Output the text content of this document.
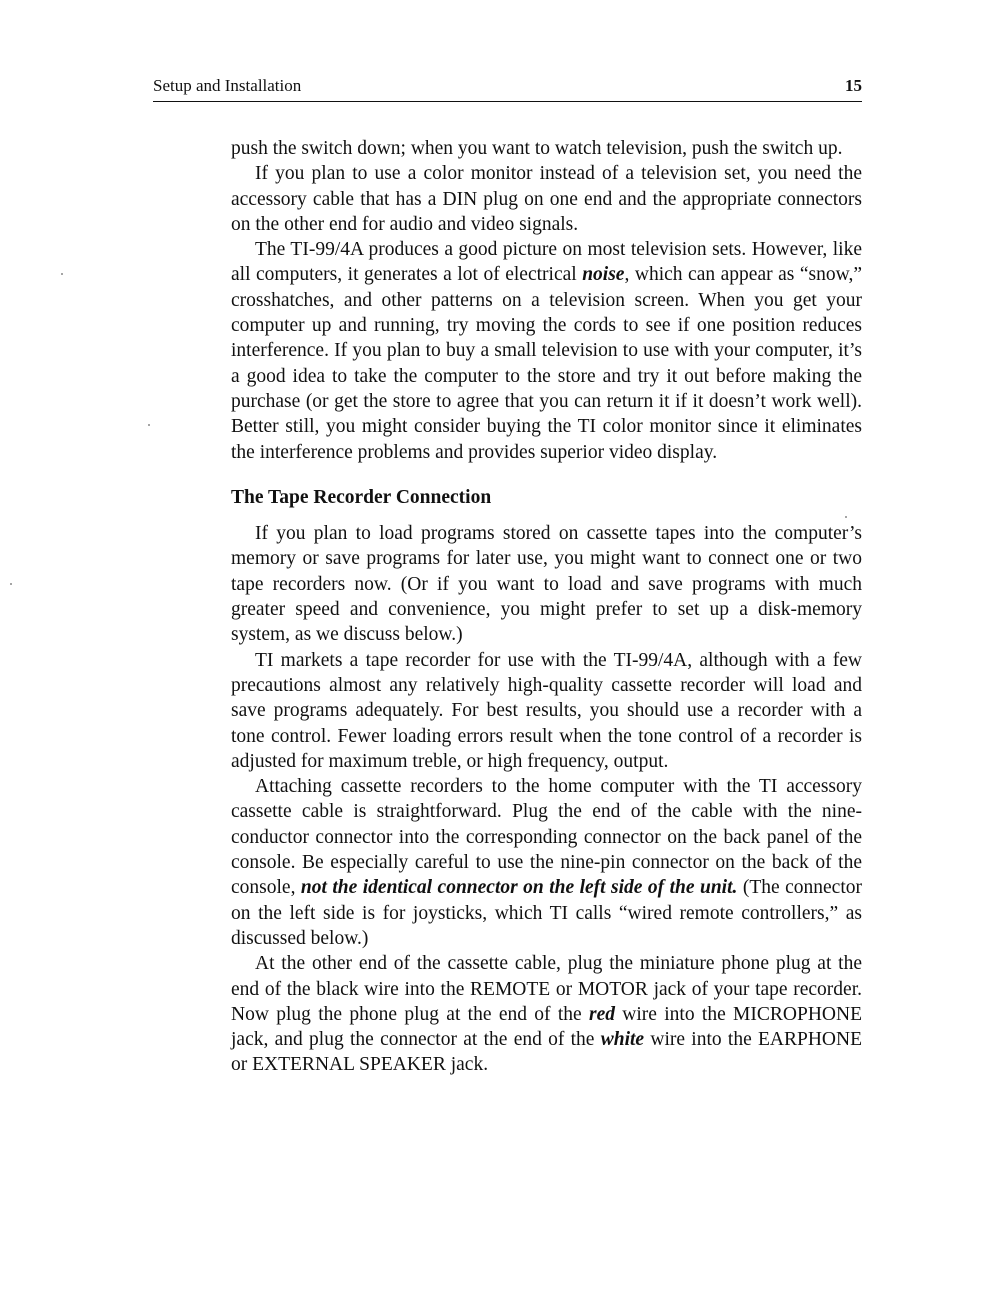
Setup and Installation	15

push the switch down; when you want to watch television, push the switch up.

If you plan to use a color monitor instead of a television set, you need the accessory cable that has a DIN plug on one end and the appropriate connectors on the other end for audio and video signals.

The TI-99/4A produces a good picture on most television sets. However, like all computers, it generates a lot of electrical noise, which can appear as “snow,” crosshatches, and other patterns on a television screen. When you get your computer up and running, try moving the cords to see if one position reduces interference. If you plan to buy a small television to use with your computer, it’s a good idea to take the computer to the store and try it out before making the purchase (or get the store to agree that you can return it if it doesn’t work well). Better still, you might consider buying the TI color monitor since it eliminates the interference problems and provides superior video display.

The Tape Recorder Connection

If you plan to load programs stored on cassette tapes into the computer’s memory or save programs for later use, you might want to connect one or two tape recorders now. (Or if you want to load and save programs with much greater speed and convenience, you might prefer to set up a disk-memory system, as we discuss below.)

TI markets a tape recorder for use with the TI-99/4A, although with a few precautions almost any relatively high-quality cassette recorder will load and save programs adequately. For best results, you should use a recorder with a tone control. Fewer loading errors result when the tone control of a recorder is adjusted for maximum treble, or high frequency, output.

Attaching cassette recorders to the home computer with the TI accessory cassette cable is straightforward. Plug the end of the cable with the nine-conductor connector into the corresponding connector on the back panel of the console. Be especially careful to use the nine-pin connector on the back of the console, not the identical connector on the left side of the unit. (The connector on the left side is for joysticks, which TI calls “wired remote controllers,” as discussed below.)

At the other end of the cassette cable, plug the miniature phone plug at the end of the black wire into the REMOTE or MOTOR jack of your tape recorder. Now plug the phone plug at the end of the red wire into the MICROPHONE jack, and plug the connector at the end of the white wire into the EARPHONE or EXTERNAL SPEAKER jack.
